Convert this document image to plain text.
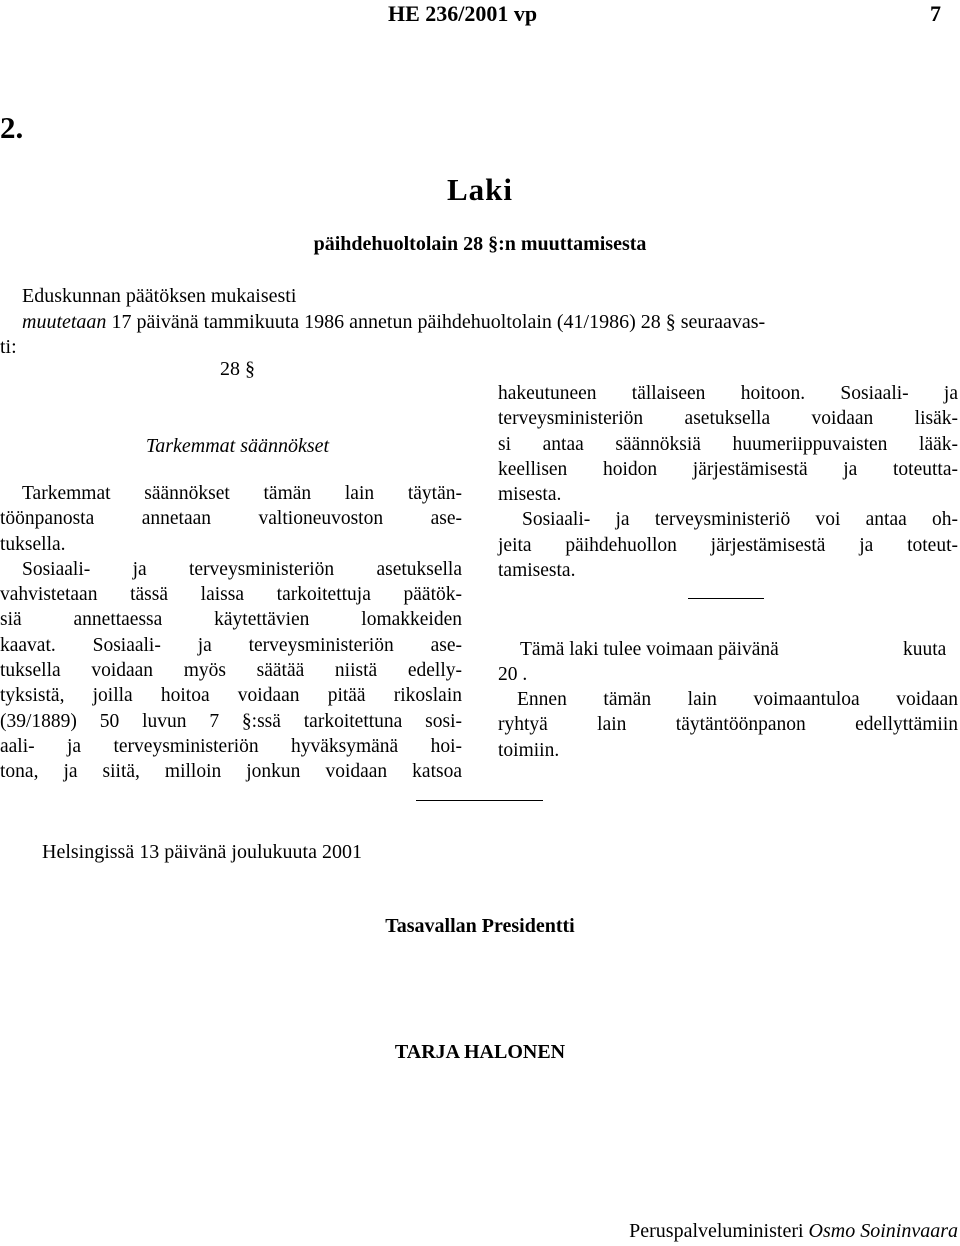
HE 236/2001 vp	7
2.
Laki
päihdehuoltolain 28 §:n muuttamisesta
Eduskunnan päätöksen mukaisesti
muutetaan 17 päivänä tammikuuta 1986 annetun päihdehuoltolain (41/1986) 28 § seuraavas-
ti:
28 §
Tarkemmat säännökset
Tarkemmat säännökset tämän lain täytän-
töönpanosta annetaan valtioneuvoston ase-
tuksella.
Sosiaali- ja terveysministeriön asetuksella
vahvistetaan tässä laissa tarkoitettuja päätök-
siä annettaessa käytettävien lomakkeiden
kaavat. Sosiaali- ja terveysministeriön ase-
tuksella voidaan myös säätää niistä edelly-
tyksistä, joilla hoitoa voidaan pitää rikoslain
(39/1889) 50 luvun 7 §:ssä tarkoitettuna sosi-
aali- ja terveysministeriön hyväksymänä hoi-
tona, ja siitä, milloin jonkun voidaan katsoa
hakeutuneen tällaiseen hoitoon. Sosiaali- ja
terveysministeriön asetuksella voidaan lisäk-
si antaa säännöksiä huumeriippuvaisten lääk-
keellisen hoidon järjestämisestä ja toteutta-
misesta.
Sosiaali- ja terveysministeriö voi antaa oh-
jeita päihdehuollon järjestämisestä ja toteut-
tamisesta.
Tämä laki tulee voimaan päivänä	kuuta
20 .
Ennen tämän lain voimaantuloa voidaan
ryhtyä lain täytäntöönpanon edellyttämiin
toimiin.
Helsingissä 13 päivänä joulukuuta 2001
Tasavallan Presidentti
TARJA HALONEN
Peruspalveluministeri Osmo Soininvaara
